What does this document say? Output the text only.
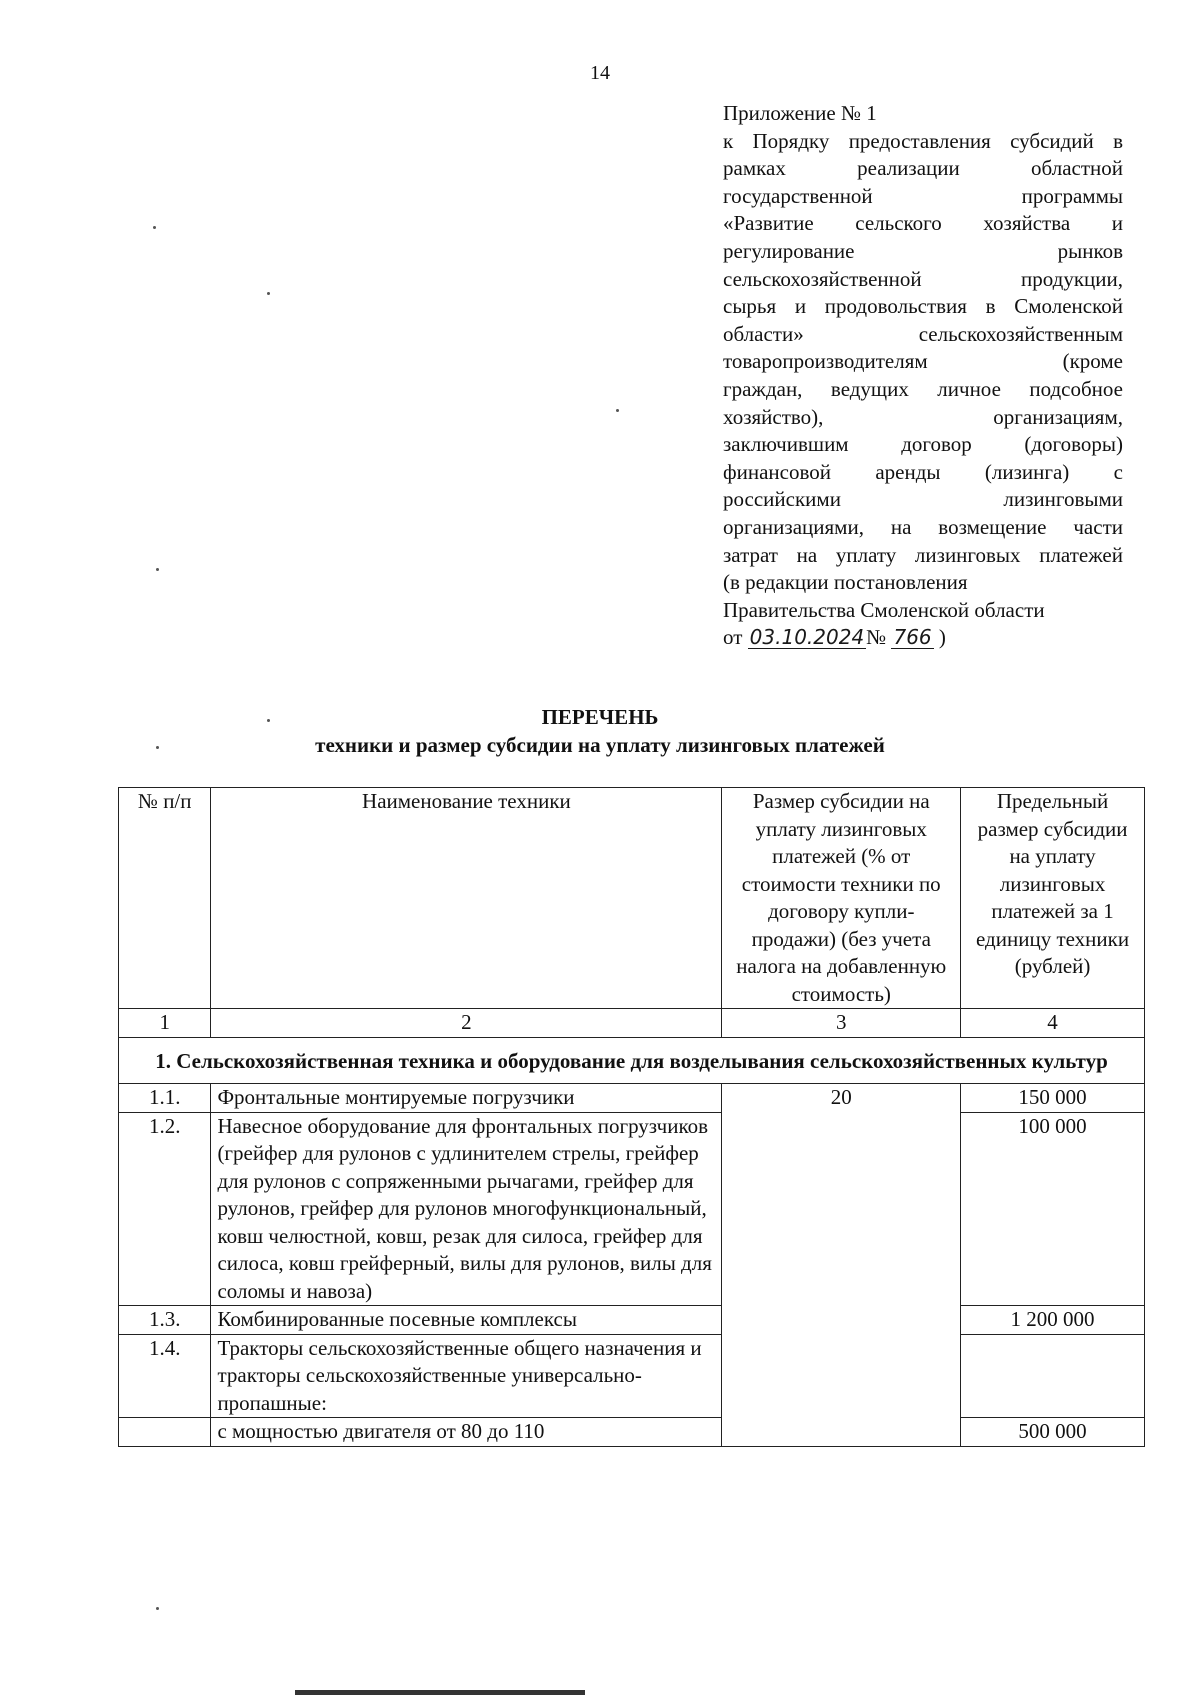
14
Приложение № 1
к Порядку предоставления субсидий в
рамках реализации областной
государственной программы
«Развитие сельского хозяйства и
регулирование рынков
сельскохозяйственной продукции,
сырья и продовольствия в Смоленской
области» сельскохозяйственным
товаропроизводителям (кроме
граждан, ведущих личное подсобное
хозяйство), организациям,
заключившим договор (договоры)
финансовой аренды (лизинга) с
российскими лизинговыми
организациями, на возмещение части
затрат на уплату лизинговых платежей
(в редакции постановления
Правительства Смоленской области
от 03.10.2024№ 766 )
ПЕРЕЧЕНЬ
техники и размер субсидии на уплату лизинговых платежей
№ п/п	Наименование техники	Размер субсидии на уплату лизинговых платежей (% от стоимости техники по договору купли-продажи) (без учета налога на добавленную стоимость)	Предельный размер субсидии на уплату лизинговых платежей за 1 единицу техники (рублей)
1	2	3	4
1. Сельскохозяйственная техника и оборудование для возделывания сельскохозяйственных культур			
1.1.	Фронтальные монтируемые погрузчики	20	150 000
1.2.	Навесное оборудование для фронтальных погрузчиков (грейфер для рулонов с удлинителем стрелы, грейфер для рулонов с сопряженными рычагами, грейфер для рулонов, грейфер для рулонов многофункциональный, ковш челюстной, ковш, резак для силоса, грейфер для силоса, ковш грейферный, вилы для рулонов, вилы для соломы и навоза)		100 000
1.3.	Комбинированные посевные комплексы		1 200 000
1.4.	Тракторы сельскохозяйственные общего назначения и тракторы сельскохозяйственные универсально-пропашные:		
	с мощностью двигателя от 80 до 110		500 000
